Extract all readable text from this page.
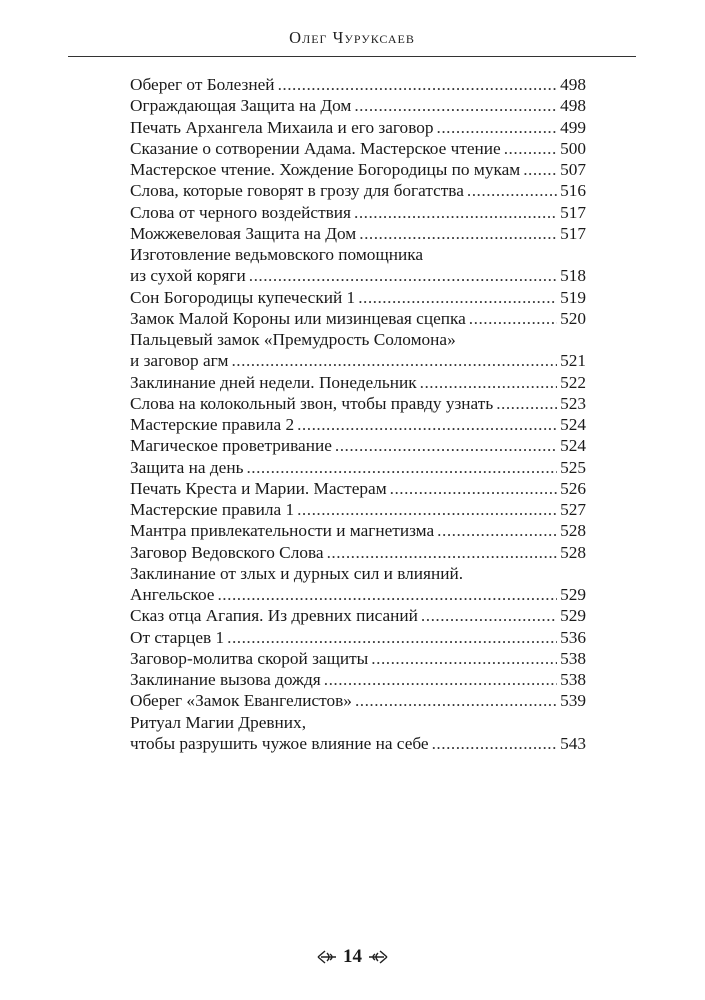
Олег Чуруксаев
Оберег от Болезней .....	498
Ограждающая Защита на Дом .....	498
Печать Архангела Михаила и его заговор .....	499
Сказание о сотворении Адама. Мастерское чтение .....	500
Мастерское чтение. Хождение Богородицы по мукам ..... 507
Слова, которые говорят в грозу для богатства .....	516
Слова от черного воздействия .....	517
Можжевеловая Защита на Дом .....	517
Изготовление ведьмовского помощника
из сухой коряги .....	518
Сон Богородицы купеческий 1 .....	519
Замок Малой Короны или мизинцевая сцепка .....	520
Пальцевый замок «Премудрость Соломона»
и заговор агм .....	521
Заклинание дней недели. Понедельник .....	522
Слова на колокольный звон, чтобы правду узнать .....	523
Мастерские правила 2 .....	524
Магическое проветривание .....	524
Защита на день .....	525
Печать Креста и Марии. Мастерам .....	526
Мастерские правила 1 .....	527
Мантра привлекательности и магнетизма .....	528
Заговор Ведовского Слова .....	528
Заклинание от злых и дурных сил и влияний.
Ангельское .....	529
Сказ отца Агапия. Из древних писаний .....	529
От старцев 1 .....	536
Заговор-молитва скорой защиты .....	538
Заклинание вызова дождя .....	538
Оберег «Замок Евангелистов» .....	539
Ритуал Магии Древних,
чтобы разрушить чужое влияние на себе .....	543
14
